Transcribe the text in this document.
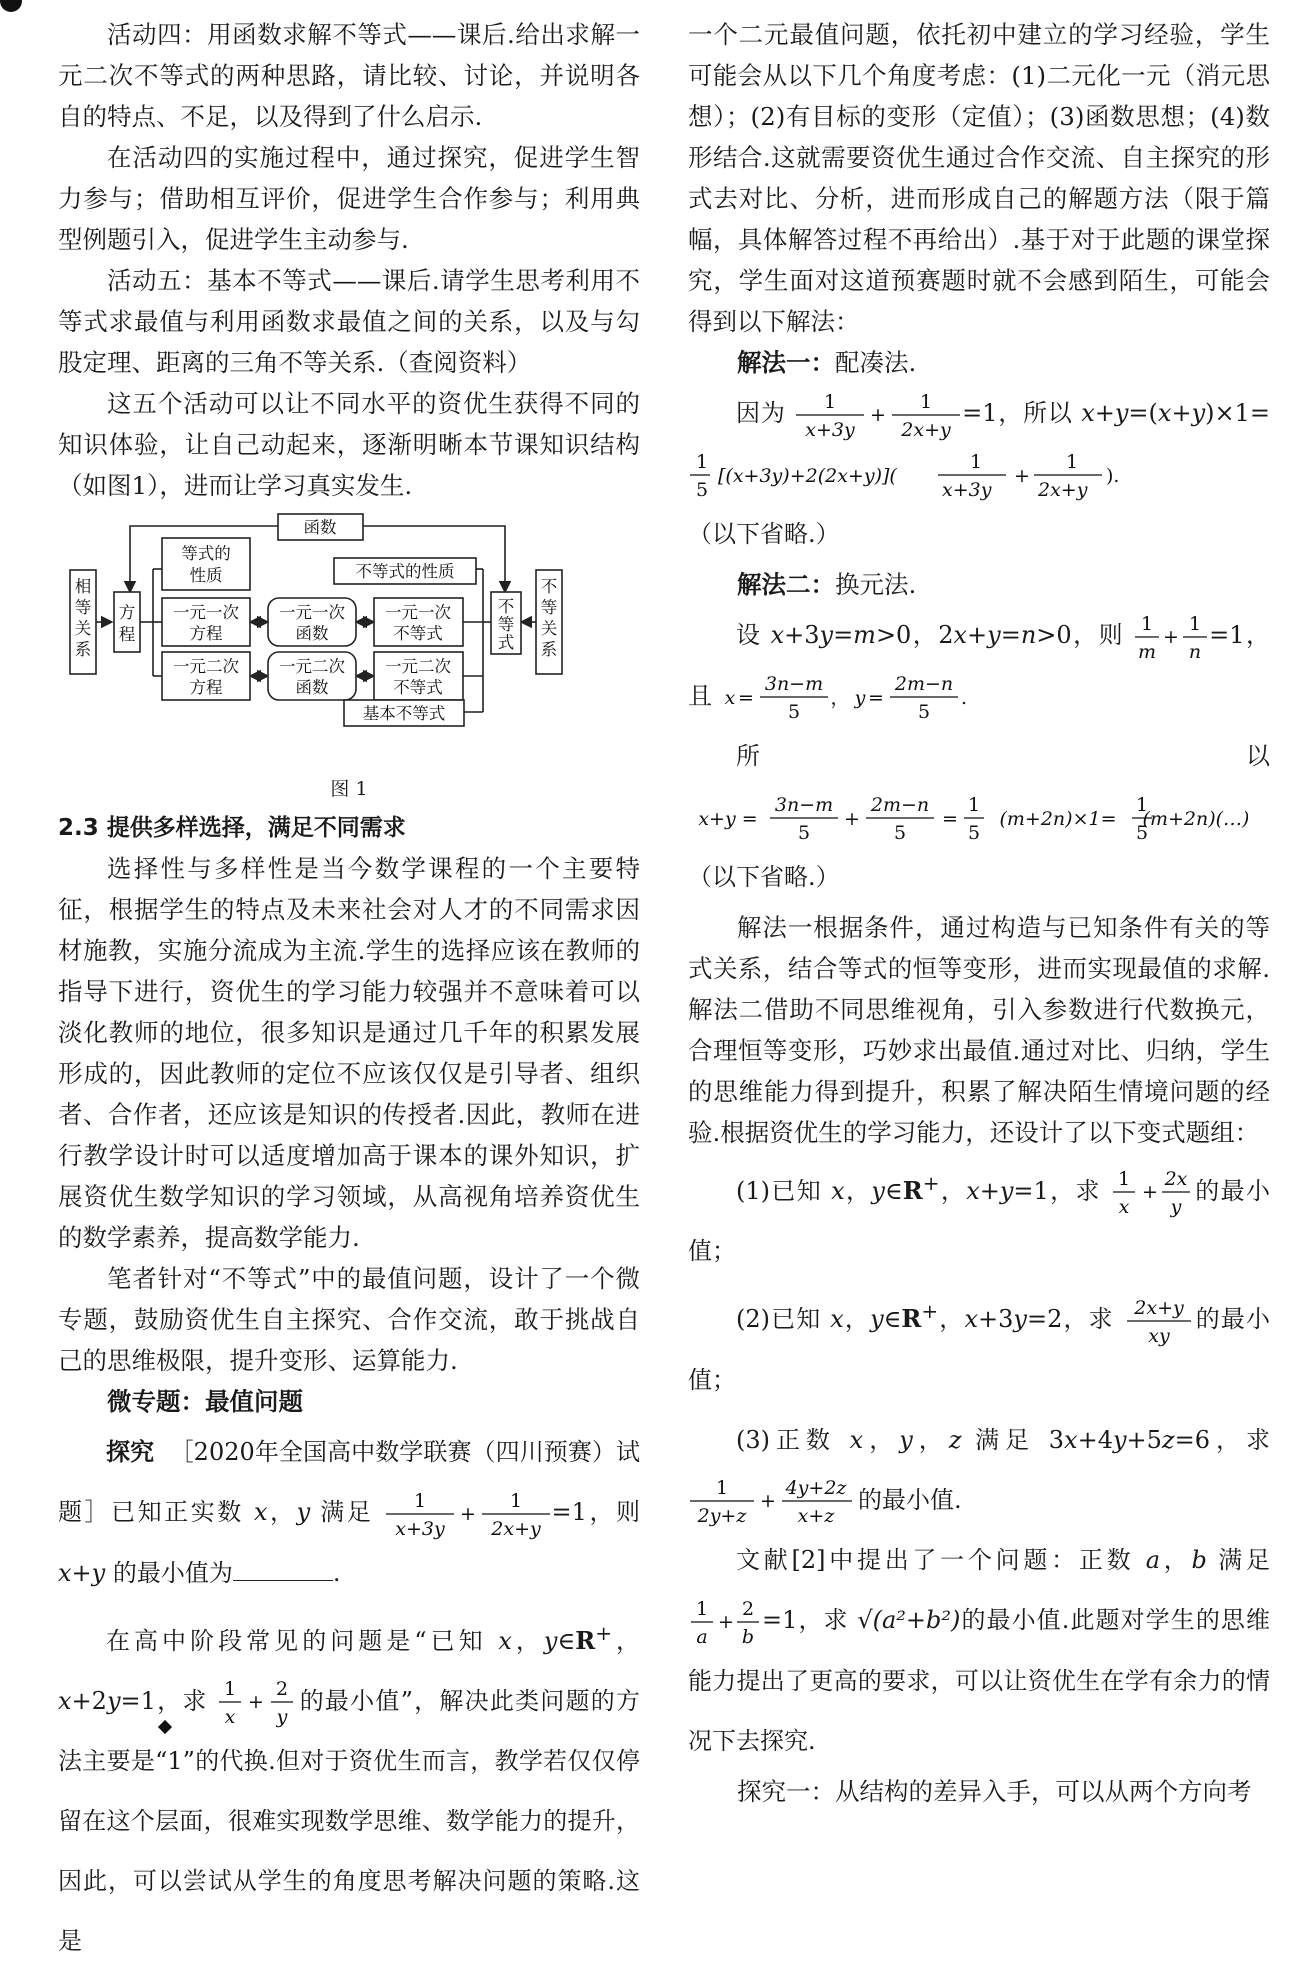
活动四：用函数求解不等式——课后.给出求解一元二次不等式的两种思路，请比较、讨论，并说明各自的特点、不足，以及得到了什么启示.

在活动四的实施过程中，通过探究，促进学生智力参与；借助相互评价，促进学生合作参与；利用典型例题引入，促进学生主动参与.

活动五：基本不等式——课后.请学生思考利用不等式求最值与利用函数求最值之间的关系，以及与勾股定理、距离的三角不等关系.（查阅资料）

这五个活动可以让不同水平的资优生获得不同的知识体验，让自己动起来，逐渐明晰本节课知识结构（如图1），进而让学习真实发生.

函数
相
等
关
系
方
程
等式的
性质	不等式的性质
一元一次
方程
一元一次
函数
一元一次
不等式
一元二次
方程
一元二次
函数
一元二次
不等式
不
等
式
不
等
关
系
基本不等式
图 1

2.3 提供多样选择，满足不同需求

选择性与多样性是当今数学课程的一个主要特征，根据学生的特点及未来社会对人才的不同需求因材施教，实施分流成为主流.学生的选择应该在教师的指导下进行，资优生的学习能力较强并不意味着可以淡化教师的地位，很多知识是通过几千年的积累发展形成的，因此教师的定位不应该仅仅是引导者、组织者、合作者，还应该是知识的传授者.因此，教师在进行教学设计时可以适度增加高于课本的课外知识，扩展资优生数学知识的学习领域，从高视角培养资优生的数学素养，提高数学能力.

笔者针对“不等式”中的最值问题，设计了一个微专题，鼓励资优生自主探究、合作交流，敢于挑战自己的思维极限，提升变形、运算能力.

微专题：最值问题

探究 ［2020年全国高中数学联赛（四川预赛）试题］已知正实数 x，y 满足 1
x+3y
+
1
2x+y
=1，则 x+y 的最小值为	.

在高中阶段常见的问题是“已知 x，y∈R+，x+2y=1，求 1
x
+
2
y
的最小值”，解决此类问题的方法主要是“1”的代换.但对于资优生而言，教学若仅仅停留在这个层面，很难实现数学思维、数学能力的提升，因此，可以尝试从学生的角度思考解决问题的策略.这是

一个二元最值问题，依托初中建立的学习经验，学生可能会从以下几个角度考虑：(1)二元化一元（消元思想）；(2)有目标的变形（定值）；(3)函数思想；(4)数形结合.这就需要资优生通过合作交流、自主探究的形式去对比、分析，进而形成自己的解题方法（限于篇幅，具体解答过程不再给出）.基于对于此题的课堂探究，学生面对这道预赛题时就不会感到陌生，可能会得到以下解法：

解法一：配凑法.

因为 1
x+3y
+
1
2x+y
=1，所以 x+y=(x+y)×1=
1
5
[(x+3y)+2(2x+y)](
1
x+3y
+
1
2x+y
).
（以下省略.）

解法二：换元法.

设 x+3y=m>0，2x+y=n>0，则 1
m
+
1
n
=1， 且 x =
3n−m
5
， y =
2m−n
5
.

所以
x+y =
3n−m
5
+
2m−n
5
=
1
5
(m+2n)×1=
1
5
(m+2n)(…)
（以下省略.）

解法一根据条件，通过构造与已知条件有关的等式关系，结合等式的恒等变形，进而实现最值的求解.解法二借助不同思维视角，引入参数进行代数换元，合理恒等变形，巧妙求出最值.通过对比、归纳，学生的思维能力得到提升，积累了解决陌生情境问题的经验.根据资优生的学习能力，还设计了以下变式题组：

(1)已知 x，y∈R+，x+y=1，求 1
x
+
2x
y
的最小值；

(2)已知 x，y∈R+，x+3y=2，求 2x+y
xy
的最小值；

(3)正数 x，y，z 满足 3x+4y+5z=6，求
1
2y+z
+
4y+2z
x+z
的最小值.

文献[2]中提出了一个问题：正数 a，b 满足
1
a
+
2
b
=1，求 √(a²+b²)的最小值.此题对学生的思维能力提出了更高的要求，可以让资优生在学有余力的情况下去探究.

探究一：从结构的差异入手，可以从两个方向考
